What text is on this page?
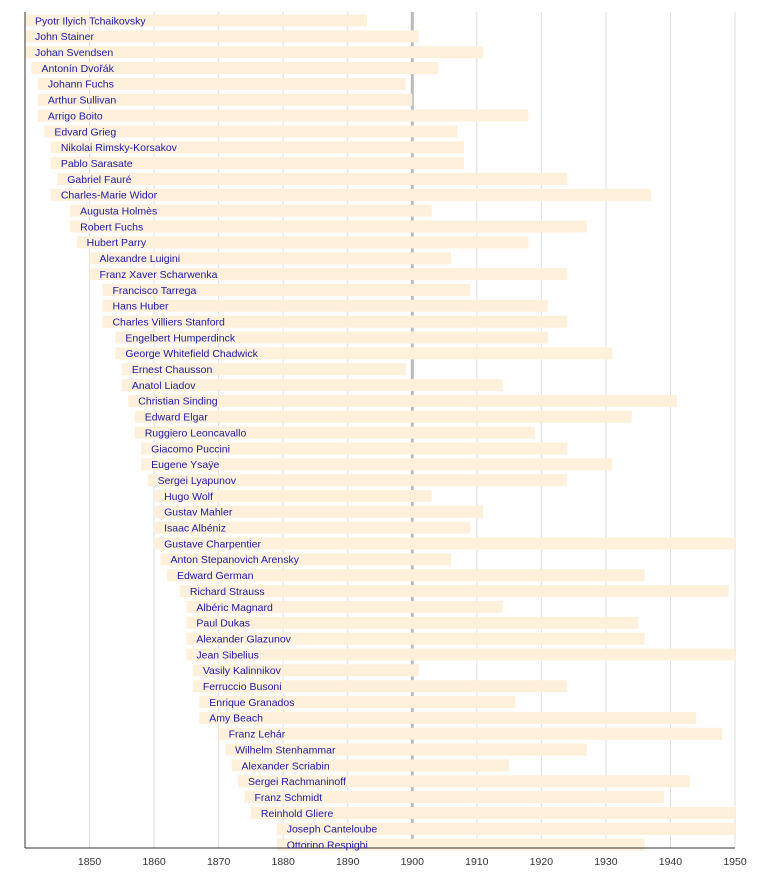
Pyotr Ilyich Tchaikovsky
John Stainer
Johan Svendsen
Antonín Dvořák
Johann Fuchs
Arthur Sullivan
Arrigo Boito
Edvard Grieg
Nikolai Rimsky-Korsakov
Pablo Sarasate
Gabriel Fauré
Charles-Marie Widor
Augusta Holmès
Robert Fuchs
Hubert Parry
Alexandre Luigini
Franz Xaver Scharwenka
Francisco Tarrega
Hans Huber
Charles Villiers Stanford
Engelbert Humperdinck
George Whitefield Chadwick
Ernest Chausson
Anatol Liadov
Christian Sinding
Edward Elgar
Ruggiero Leoncavallo
Giacomo Puccini
Eugene Ysaÿe
Sergei Lyapunov
Hugo Wolf
Gustav Mahler
Isaac Albéniz
Gustave Charpentier
Anton Stepanovich Arensky
Edward German
Richard Strauss
Albéric Magnard
Paul Dukas
Alexander Glazunov
Jean Sibelius
Vasily Kalinnikov
Ferruccio Busoni
Enrique Granados
Amy Beach
Franz Lehár
Wilhelm Stenhammar
Alexander Scriabin
Sergei Rachmaninoff
Franz Schmidt
Reinhold Gliere
Joseph Canteloube
Ottorino Respighi
1850	1860	1870	1880	1890	1900	1910	1920	1930	1940	1950
